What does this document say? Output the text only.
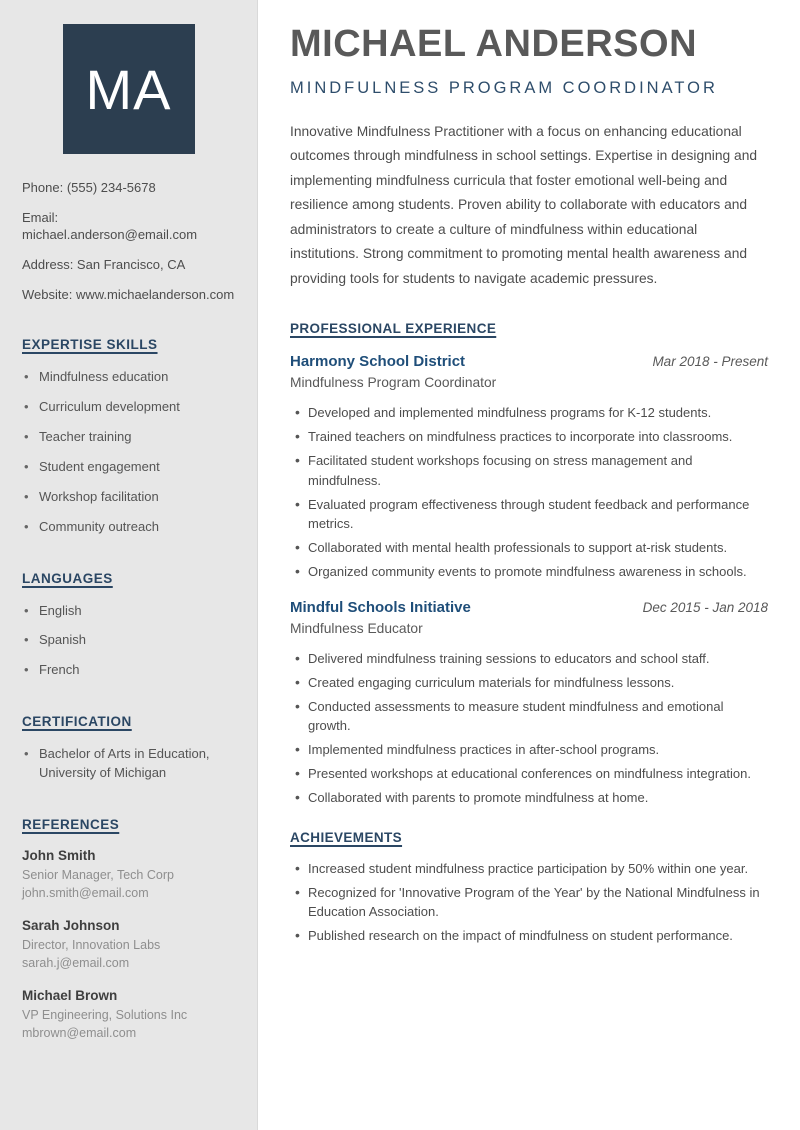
MA
Phone: (555) 234-5678
Email: michael.anderson@email.com
Address: San Francisco, CA
Website: www.michaelanderson.com
EXPERTISE SKILLS
• Mindfulness education
• Curriculum development
• Teacher training
• Student engagement
• Workshop facilitation
• Community outreach
LANGUAGES
• English
• Spanish
• French
CERTIFICATION
• Bachelor of Arts in Education, University of Michigan
REFERENCES
John Smith
Senior Manager, Tech Corp
john.smith@email.com
Sarah Johnson
Director, Innovation Labs
sarah.j@email.com
Michael Brown
VP Engineering, Solutions Inc
mbrown@email.com
MICHAEL ANDERSON
MINDFULNESS PROGRAM COORDINATOR

Innovative Mindfulness Practitioner with a focus on enhancing educational outcomes through mindfulness in school settings. Expertise in designing and implementing mindfulness curricula that foster emotional well-being and resilience among students. Proven ability to collaborate with educators and administrators to create a culture of mindfulness within educational institutions. Strong commitment to promoting mental health awareness and providing tools for students to navigate academic pressures.

PROFESSIONAL EXPERIENCE
Harmony School District	Mar 2018 - Present
Mindfulness Program Coordinator
• Developed and implemented mindfulness programs for K-12 students.
• Trained teachers on mindfulness practices to incorporate into classrooms.
• Facilitated student workshops focusing on stress management and mindfulness.
• Evaluated program effectiveness through student feedback and performance metrics.
• Collaborated with mental health professionals to support at-risk students.
• Organized community events to promote mindfulness awareness in schools.
Mindful Schools Initiative	Dec 2015 - Jan 2018
Mindfulness Educator
• Delivered mindfulness training sessions to educators and school staff.
• Created engaging curriculum materials for mindfulness lessons.
• Conducted assessments to measure student mindfulness and emotional growth.
• Implemented mindfulness practices in after-school programs.
• Presented workshops at educational conferences on mindfulness integration.
• Collaborated with parents to promote mindfulness at home.
ACHIEVEMENTS
• Increased student mindfulness practice participation by 50% within one year.
• Recognized for 'Innovative Program of the Year' by the National Mindfulness in Education Association.
• Published research on the impact of mindfulness on student performance.
